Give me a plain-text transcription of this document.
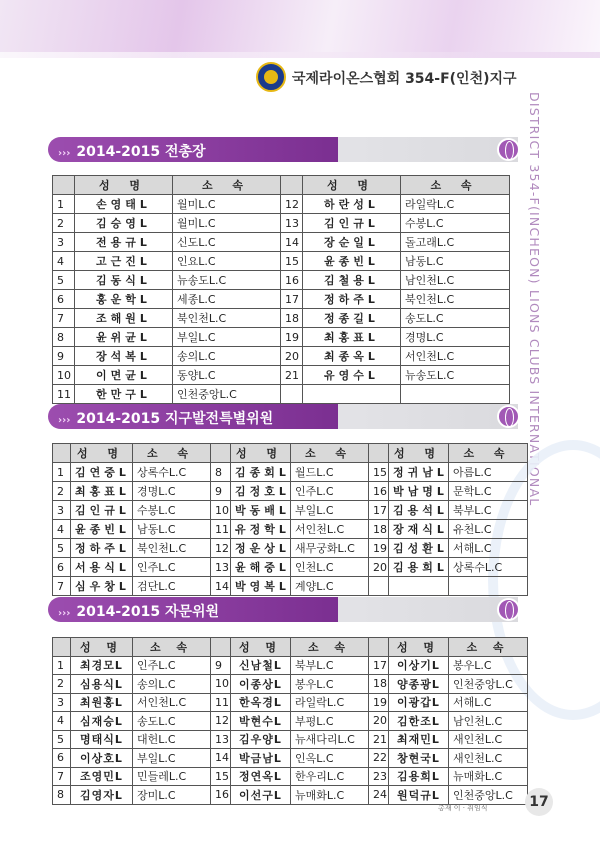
국제라이온스협회 354-F(인천)지구
DISTRICT 354-F(INCHEON) LIONS CLUBS INTERNATIONAL
››› 2014-2015 전총장
	성 명	소 속		성 명	소 속
1	손영태L	월미L.C	12	하란성L	라일락L.C
2	김승영L	월미L.C	13	김인규L	수봉L.C
3	전용규L	신도L.C	14	장순일L	돌고래L.C
4	고근진L	인요L.C	15	윤종빈L	남동L.C
5	김동식L	뉴송도L.C	16	김철용L	남인천L.C
6	홍운학L	세종L.C	17	정하주L	북인천L.C
7	조해원L	북인천L.C	18	정종길L	송도L.C
8	윤위균L	부일L.C	19	최홍표L	경명L.C
9	장석복L	송의L.C	20	최종옥L	서인천L.C
10	이면균L	동양L.C	21	유영수L	뉴송도L.C
11	한만구L	인천중앙L.C			
››› 2014-2015 지구발전특별위원
	성 명	소 속		성 명	소 속		성 명	소 속
1	김연중L	상록수L.C	8	김종회L	월드L.C	15	정귀남L	아름L.C
2	최홍표L	경명L.C	9	김정호L	인주L.C	16	박남명L	문학L.C
3	김인규L	수봉L.C	10	박동배L	부일L.C	17	김용석L	북부L.C
4	윤종빈L	남동L.C	11	유정학L	서인천L.C	18	장재식L	유천L.C
5	정하주L	북인천L.C	12	정운상L	새무궁화L.C	19	김성환L	서해L.C
6	서용식L	인주L.C	13	윤해중L	인천L.C	20	김용희L	상록수L.C
7	심우창L	검단L.C	14	박영복L	계양L.C			
››› 2014-2015 자문위원
	성 명	소 속		성 명	소 속		성 명	소 속
1	최경모L	인주L.C	9	신남철L	북부L.C	17	이상기L	봉우L.C
2	심용식L	송의L.C	10	이종상L	봉우L.C	18	양종광L	인천중앙L.C
3	최원홍L	서인천L.C	11	한옥경L	라일락L.C	19	이광갑L	서해L.C
4	심재승L	송도L.C	12	박현수L	부평L.C	20	김한조L	남인천L.C
5	명태식L	대헌L.C	13	김우양L	뉴새다리L.C	21	최재민L	새인천L.C
6	이상호L	부일L.C	14	박금남L	인옥L.C	22	창현국L	새인천L.C
7	조영민L	민들레L.C	15	정연옥L	한우리L.C	23	김용희L	뉴매화L.C
8	김영자L	장미L.C	16	이선구L	뉴매화L.C	24	원덕규L	인천중앙L.C
총재 이 · 취임식	17
